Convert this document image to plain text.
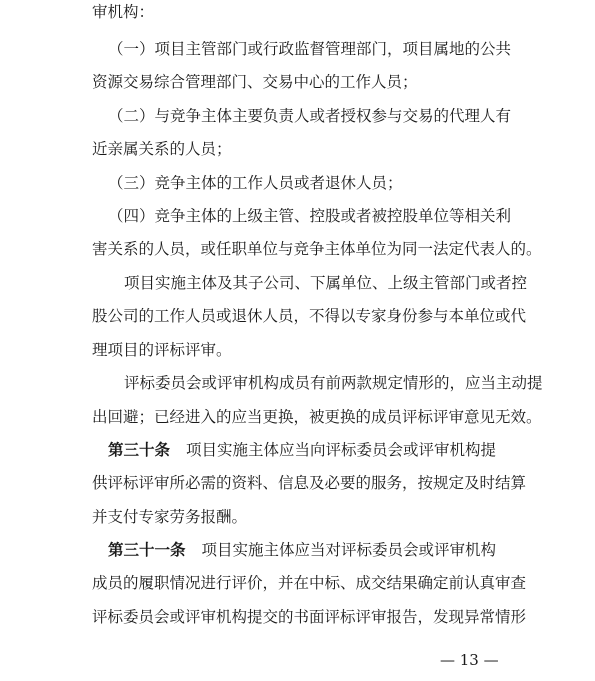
审机构：
（一）项目主管部门或行政监督管理部门，项目属地的公共
资源交易综合管理部门、交易中心的工作人员；
（二）与竞争主体主要负责人或者授权参与交易的代理人有
近亲属关系的人员；
（三）竞争主体的工作人员或者退休人员；
（四）竞争主体的上级主管、控股或者被控股单位等相关利
害关系的人员，或任职单位与竞争主体单位为同一法定代表人的。
项目实施主体及其子公司、下属单位、上级主管部门或者控
股公司的工作人员或退休人员，不得以专家身份参与本单位或代
理项目的评标评审。
评标委员会或评审机构成员有前两款规定情形的，应当主动提
出回避；已经进入的应当更换，被更换的成员评标评审意见无效。
第三十条 项目实施主体应当向评标委员会或评审机构提
供评标评审所必需的资料、信息及必要的服务，按规定及时结算
并支付专家劳务报酬。
第三十一条 项目实施主体应当对评标委员会或评审机构
成员的履职情况进行评价，并在中标、成交结果确定前认真审查
评标委员会或评审机构提交的书面评标评审报告，发现异常情形
— 13 —
